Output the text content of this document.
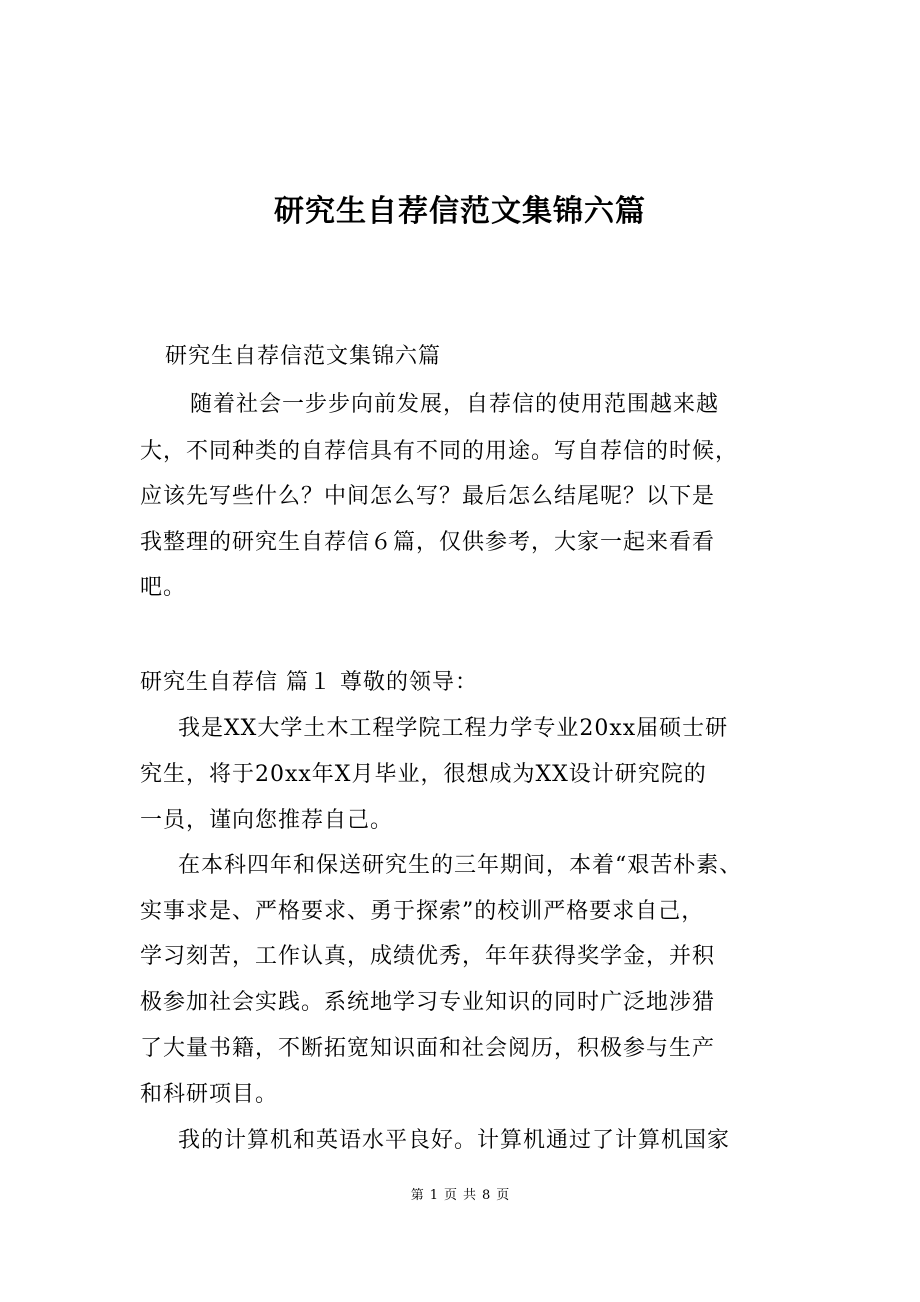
研究生自荐信范文集锦六篇

研究生自荐信范文集锦六篇

随着社会一步步向前发展，自荐信的使用范围越来越

大，不同种类的自荐信具有不同的用途。写自荐信的时候，

应该先写些什么？中间怎么写？最后怎么结尾呢？以下是

我整理的研究生自荐信６篇，仅供参考，大家一起来看看

吧。

研究生自荐信 篇１ 尊敬的领导：

我是XX大学土木工程学院工程力学专业20xx届硕士研

究生，将于20xx年X月毕业，很想成为XX设计研究院的

一员，谨向您推荐自己。

在本科四年和保送研究生的三年期间，本着“艰苦朴素、

实事求是、严格要求、勇于探索”的校训严格要求自己，

学习刻苦，工作认真，成绩优秀，年年获得奖学金，并积

极参加社会实践。系统地学习专业知识的同时广泛地涉猎

了大量书籍，不断拓宽知识面和社会阅历，积极参与生产

和科研项目。

我的计算机和英语水平良好。计算机通过了计算机国家

第 1 页 共 8 页
